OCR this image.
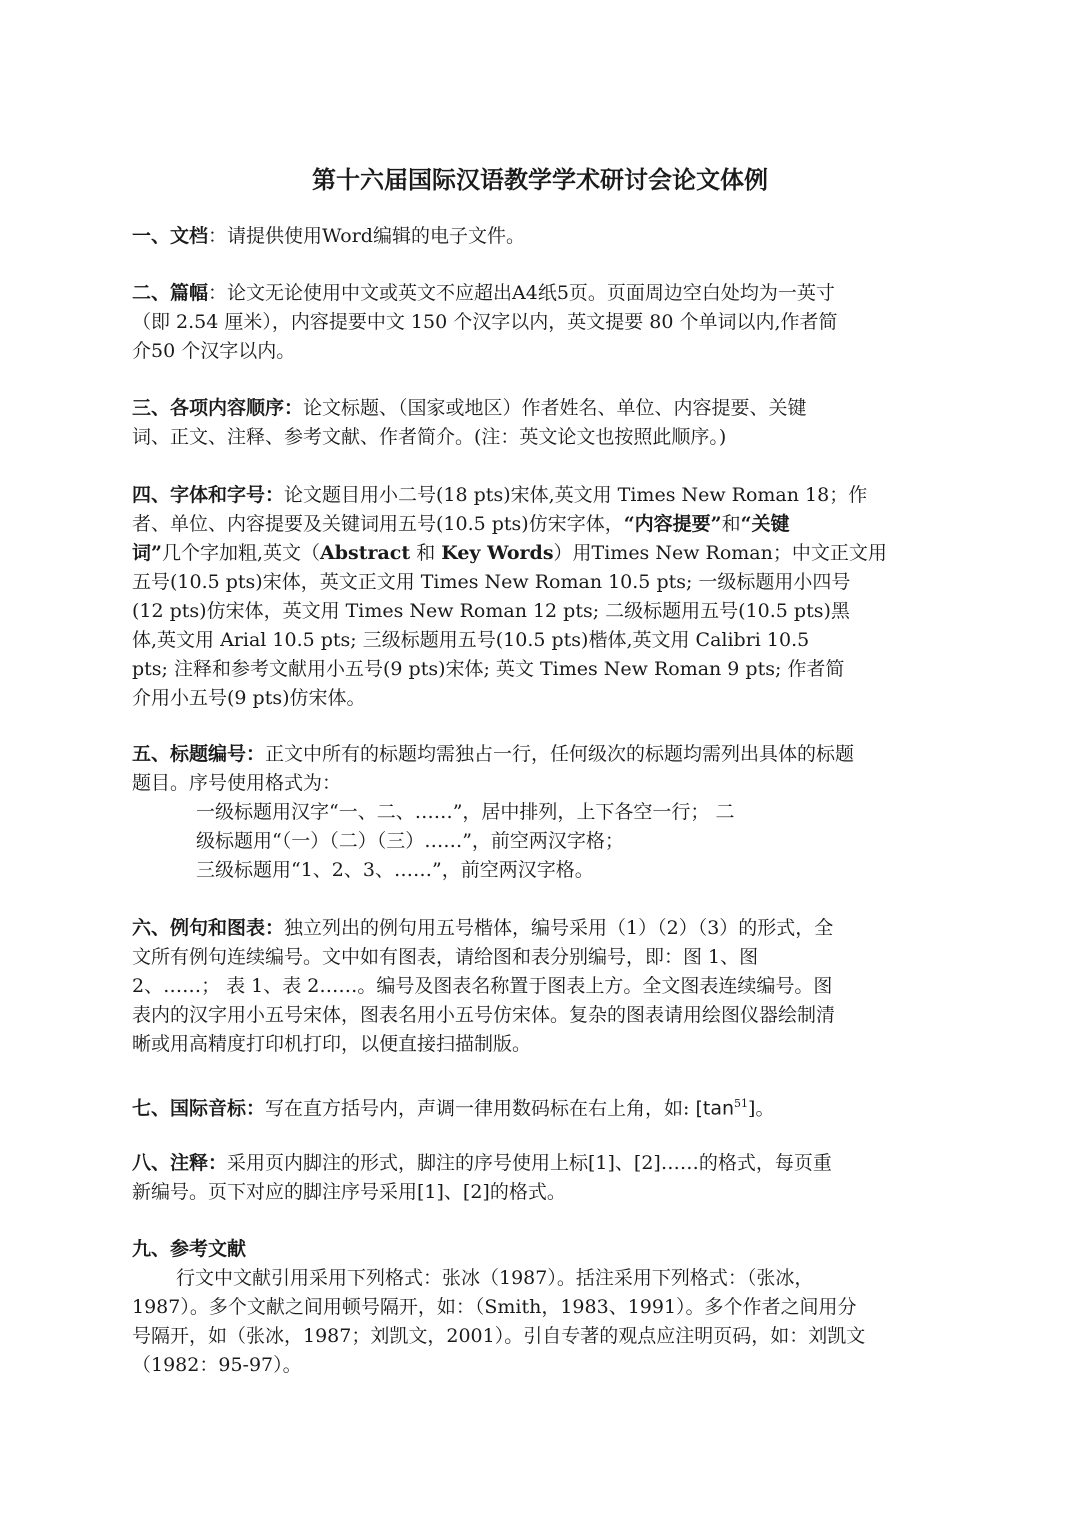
第十六届国际汉语教学学术研讨会论文体例
一、文档：请提供使用Word编辑的电子文件。
二、篇幅：论文无论使用中文或英文不应超出A4纸5页。页面周边空白处均为一英寸
（即 2.54 厘米），内容提要中文 150 个汉字以内，英文提要 80 个单词以内,作者简
介50 个汉字以内。
三、各项内容顺序：论文标题、（国家或地区）作者姓名、单位、内容提要、关键
词、正文、注释、参考文献、作者简介。(注：英文论文也按照此顺序。)
四、字体和字号：论文题目用小二号(18 pts)宋体,英文用 Times New Roman 18；作
者、单位、内容提要及关键词用五号(10.5 pts)仿宋字体，“内容提要”和“关键
词”几个字加粗,英文（Abstract 和 Key Words）用Times New Roman；中文正文用
五号(10.5 pts)宋体，英文正文用 Times New Roman 10.5 pts; 一级标题用小四号
(12 pts)仿宋体，英文用 Times New Roman 12 pts; 二级标题用五号(10.5 pts)黑
体,英文用 Arial 10.5 pts; 三级标题用五号(10.5 pts)楷体,英文用 Calibri 10.5
pts; 注释和参考文献用小五号(9 pts)宋体; 英文 Times New Roman 9 pts; 作者简
介用小五号(9 pts)仿宋体。
五、标题编号：正文中所有的标题均需独占一行，任何级次的标题均需列出具体的标题
题目。序号使用格式为：
一级标题用汉字“一、二、……”，居中排列，上下各空一行； 二
级标题用“（一）（二）（三）……”，前空两汉字格；
三级标题用“1、2、3、……”，前空两汉字格。
六、例句和图表：独立列出的例句用五号楷体，编号采用（1）（2）（3）的形式，全
文所有例句连续编号。文中如有图表，请给图和表分别编号，即：图 1、图
2、……； 表 1、表 2……。编号及图表名称置于图表上方。全文图表连续编号。图
表内的汉字用小五号宋体，图表名用小五号仿宋体。复杂的图表请用绘图仪器绘制清
晰或用高精度打印机打印，以便直接扫描制版。
七、国际音标：写在直方括号内，声调一律用数码标在右上角，如: $[\tan^{51}]$。
八、注释：采用页内脚注的形式，脚注的序号使用上标[1]、[2]……的格式，每页重
新编号。页下对应的脚注序号采用[1]、[2]的格式。
九、参考文献
行文中文献引用采用下列格式：张冰（1987）。括注采用下列格式：（张冰，
1987）。多个文献之间用顿号隔开，如：（Smith，1983、1991）。多个作者之间用分
号隔开，如（张冰，1987；刘凯文，2001）。引自专著的观点应注明页码，如：刘凯文
（1982：95-97）。
